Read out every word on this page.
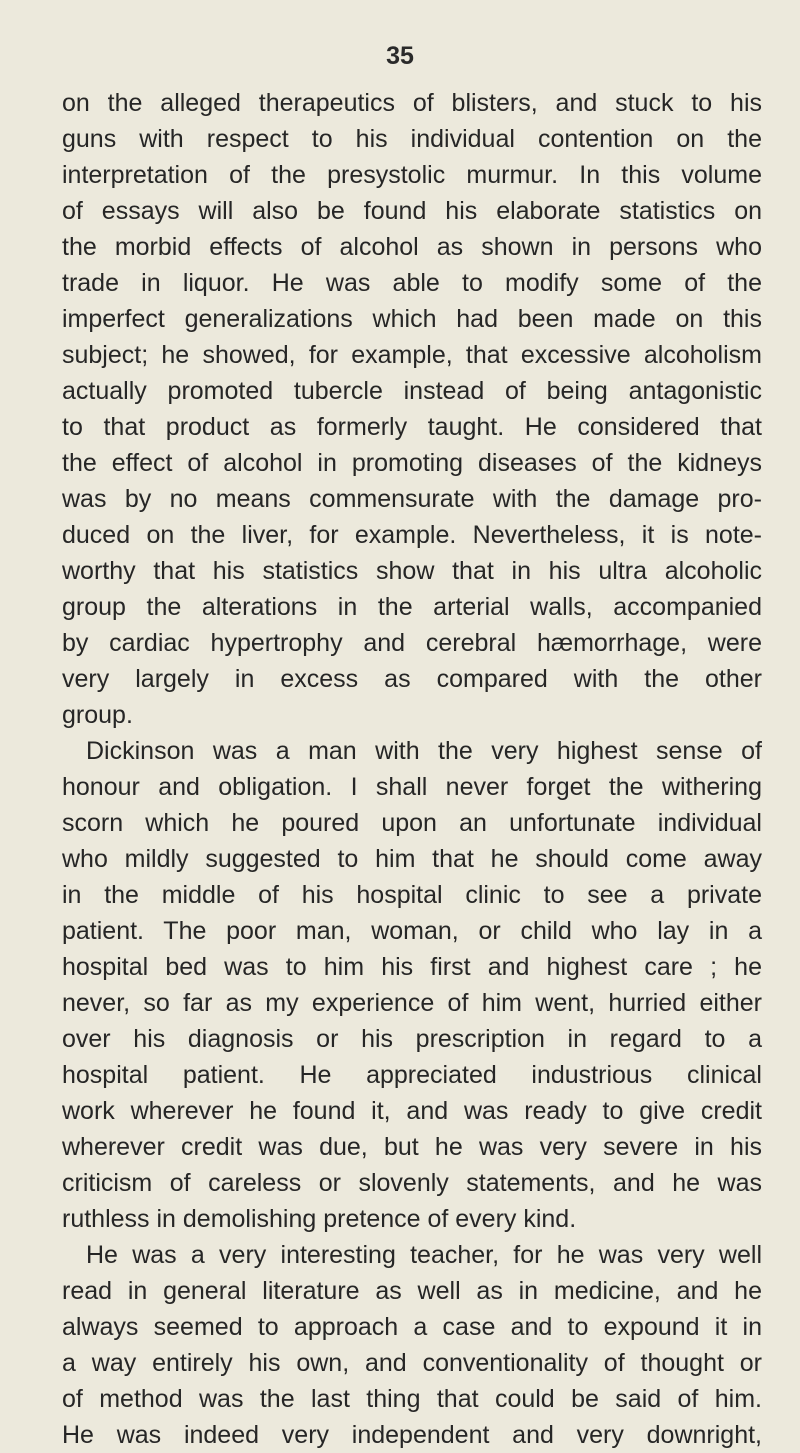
35
on the alleged therapeutics of blisters, and stuck to his
guns with respect to his individual contention on the
interpretation of the presystolic murmur. In this volume
of essays will also be found his elaborate statistics on
the morbid effects of alcohol as shown in persons who
trade in liquor. He was able to modify some of the
imperfect generalizations which had been made on this
subject; he showed, for example, that excessive alcoholism
actually promoted tubercle instead of being antagonistic
to that product as formerly taught. He considered that
the effect of alcohol in promoting diseases of the kidneys
was by no means commensurate with the damage pro-
duced on the liver, for example. Nevertheless, it is note-
worthy that his statistics show that in his ultra alcoholic
group the alterations in the arterial walls, accompanied
by cardiac hypertrophy and cerebral hæmorrhage, were
very largely in excess as compared with the other
group.
Dickinson was a man with the very highest sense of
honour and obligation. I shall never forget the withering
scorn which he poured upon an unfortunate individual
who mildly suggested to him that he should come away
in the middle of his hospital clinic to see a private
patient. The poor man, woman, or child who lay in a
hospital bed was to him his first and highest care ; he
never, so far as my experience of him went, hurried either
over his diagnosis or his prescription in regard to a
hospital patient. He appreciated industrious clinical
work wherever he found it, and was ready to give credit
wherever credit was due, but he was very severe in his
criticism of careless or slovenly statements, and he was
ruthless in demolishing pretence of every kind.
He was a very interesting teacher, for he was very well
read in general literature as well as in medicine, and he
always seemed to approach a case and to expound it in
a way entirely his own, and conventionality of thought or
of method was the last thing that could be said of him.
He was indeed very independent and very downright,
